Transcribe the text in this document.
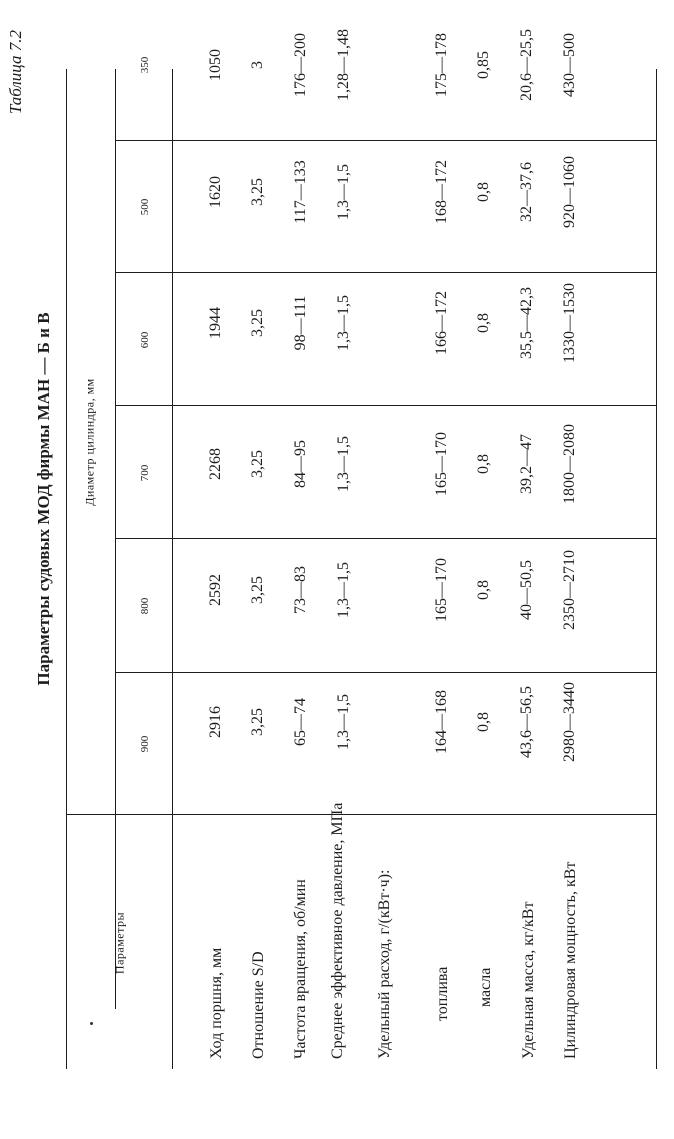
Таблица 7.2
Параметры судовых МОД фирмы МАН — Б и В
Параметры
Диаметр цилиндра, мм
900
800
700
600
500
350
Ход поршня, мм Отношение S/D Частота вращения, об/мин Среднее эффективное давление, МПа Удельный расход, г/(кВт·ч):	топлива масла Удельная масса, кг/кВт Цилиндровая мощность, кВт
2916
2592
2268
1944
1620
1050
3,25
3,25
3,25
3,25
3,25
3
65—74
73—83
84—95
98—111
117—133
176—200
1,3—1,5
1,3—1,5
1,3—1,5
1,3—1,5
1,3—1,5
1,28—1,48
164—168
165—170
165—170
166—172
168—172
175—178
0,8
0,8
0,8
0,8
0,8
0,85
43,6—56,5
40—50,5
39,2—47
35,5—42,3
32—37,6
20,6—25,5
2980—3440
2350—2710
1800—2080
1330—1530
920—1060
430—500
